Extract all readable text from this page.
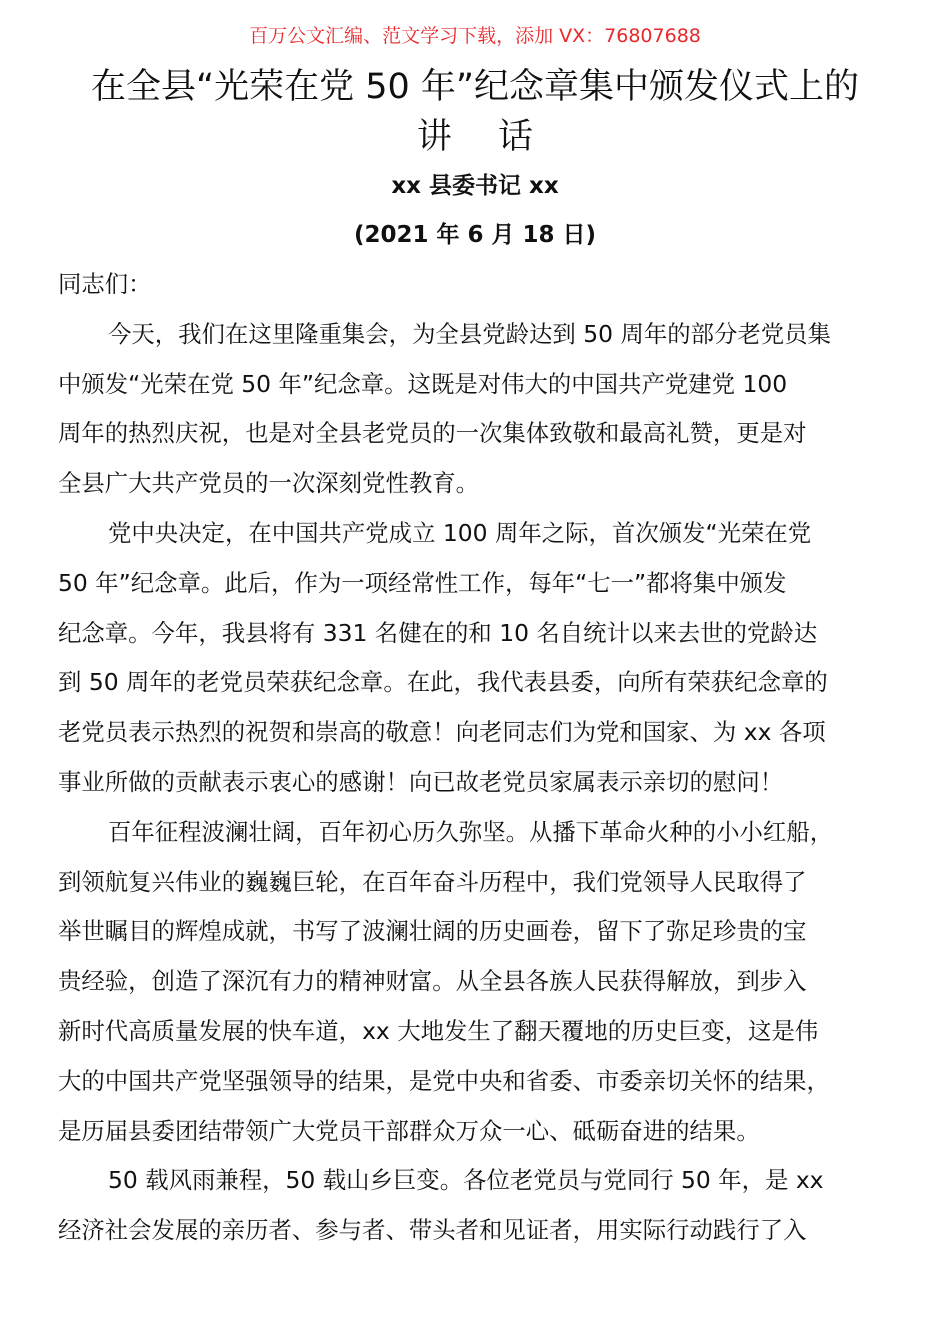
百万公文汇编、范文学习下载，添加 VX：76807688
在全县“光荣在党 50 年”纪念章集中颁发仪式上的
讲　 话
xx 县委书记 xx
(2021 年 6 月 18 日)
同志们：
今天，我们在这里隆重集会，为全县党龄达到 50 周年的部分老党员集
中颁发“光荣在党 50 年”纪念章。这既是对伟大的中国共产党建党 100
周年的热烈庆祝，也是对全县老党员的一次集体致敬和最高礼赞，更是对
全县广大共产党员的一次深刻党性教育。
党中央决定，在中国共产党成立 100 周年之际，首次颁发“光荣在党
50 年”纪念章。此后，作为一项经常性工作，每年“七一”都将集中颁发
纪念章。今年，我县将有 331 名健在的和 10 名自统计以来去世的党龄达
到 50 周年的老党员荣获纪念章。在此，我代表县委，向所有荣获纪念章的
老党员表示热烈的祝贺和崇高的敬意！向老同志们为党和国家、为 xx 各项
事业所做的贡献表示衷心的感谢！向已故老党员家属表示亲切的慰问！
百年征程波澜壮阔，百年初心历久弥坚。从播下革命火种的小小红船，
到领航复兴伟业的巍巍巨轮，在百年奋斗历程中，我们党领导人民取得了
举世瞩目的辉煌成就，书写了波澜壮阔的历史画卷，留下了弥足珍贵的宝
贵经验，创造了深沉有力的精神财富。从全县各族人民获得解放，到步入
新时代高质量发展的快车道，xx 大地发生了翻天覆地的历史巨变，这是伟
大的中国共产党坚强领导的结果，是党中央和省委、市委亲切关怀的结果，
是历届县委团结带领广大党员干部群众万众一心、砥砺奋进的结果。
50 载风雨兼程，50 载山乡巨变。各位老党员与党同行 50 年，是 xx
经济社会发展的亲历者、参与者、带头者和见证者，用实际行动践行了入
